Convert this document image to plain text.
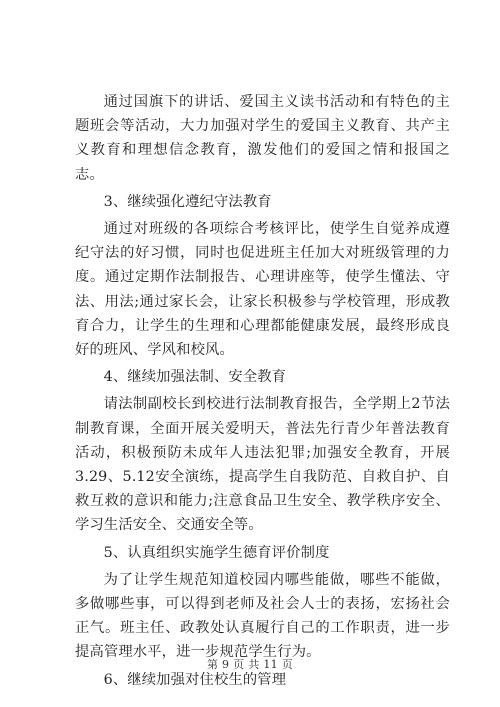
通过国旗下的讲话、爱国主义读书活动和有特色的主题班会等活动，大力加强对学生的爱国主义教育、共产主义教育和理想信念教育，激发他们的爱国之情和报国之志。

3、继续强化遵纪守法教育

通过对班级的各项综合考核评比，使学生自觉养成遵纪守法的好习惯，同时也促进班主任加大对班级管理的力度。通过定期作法制报告、心理讲座等，使学生懂法、守法、用法;通过家长会，让家长积极参与学校管理，形成教育合力，让学生的生理和心理都能健康发展，最终形成良好的班风、学风和校风。

4、继续加强法制、安全教育

请法制副校长到校进行法制教育报告，全学期上2节法制教育课，全面开展关爱明天，普法先行青少年普法教育活动，积极预防未成年人违法犯罪;加强安全教育，开展3.29、5.12安全演练，提高学生自我防范、自救自护、自救互救的意识和能力;注意食品卫生安全、教学秩序安全、学习生活安全、交通安全等。

5、认真组织实施学生德育评价制度

为了让学生规范知道校园内哪些能做，哪些不能做，多做哪些事，可以得到老师及社会人士的表扬，宏扬社会正气。班主任、政教处认真履行自己的工作职责，进一步提高管理水平，进一步规范学生行为。

6、继续加强对住校生的管理

第 9 页 共 11 页
